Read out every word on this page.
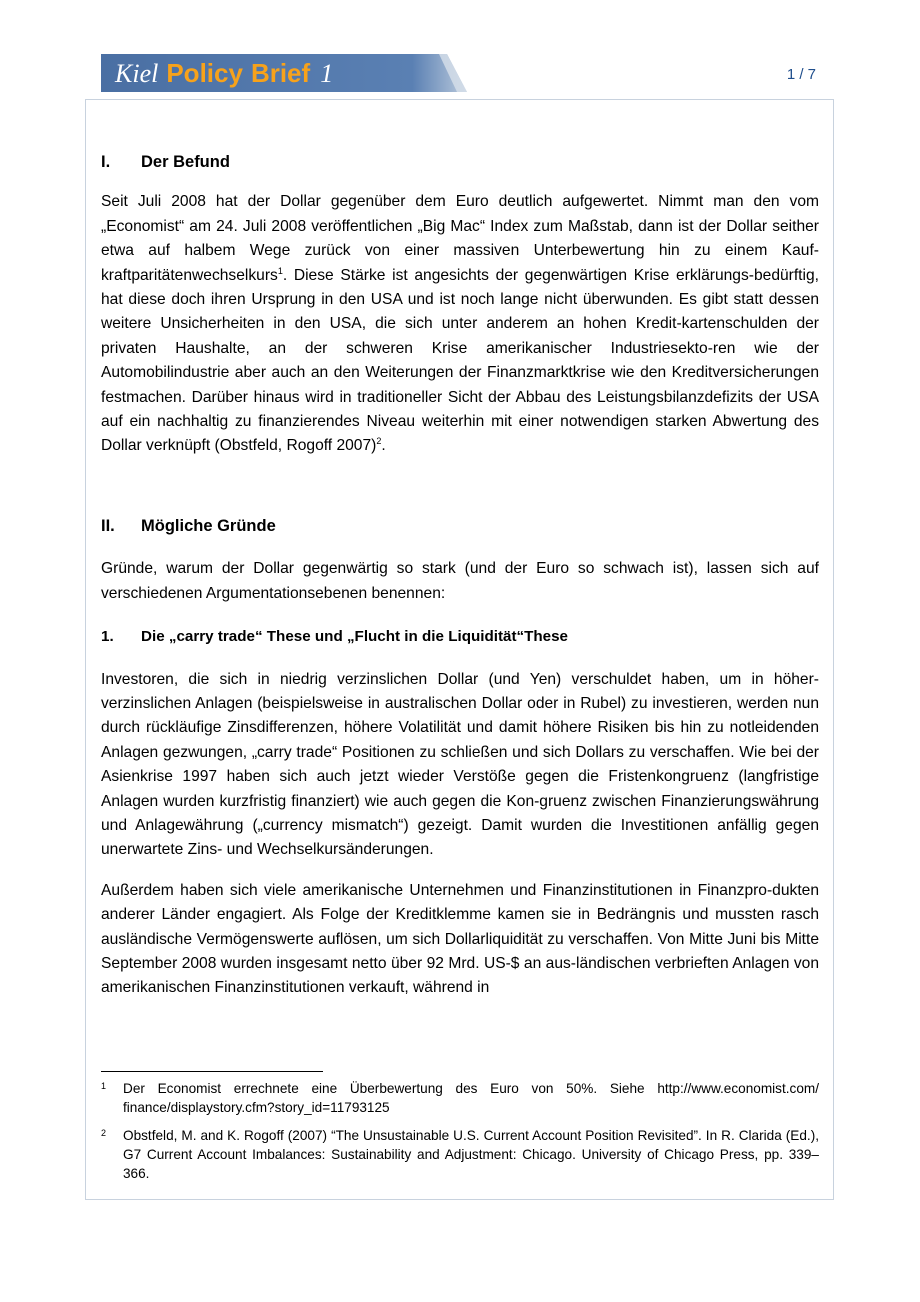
Kiel Policy Brief 1	1 / 7
I.	Der Befund

Seit Juli 2008 hat der Dollar gegenüber dem Euro deutlich aufgewertet. Nimmt man den vom „Economist“ am 24. Juli 2008 veröffentlichen „Big Mac“ Index zum Maßstab, dann ist der Dollar seither etwa auf halbem Wege zurück von einer massiven Unterbewertung hin zu einem Kauf-kraftparitätenwechselkurs$^1$. Diese Stärke ist angesichts der gegenwärtigen Krise erklärungs-bedürftig, hat diese doch ihren Ursprung in den USA und ist noch lange nicht überwunden. Es gibt statt dessen weitere Unsicherheiten in den USA, die sich unter anderem an hohen Kredit-kartenschulden der privaten Haushalte, an der schweren Krise amerikanischer Industriesekto-ren wie der Automobilindustrie aber auch an den Weiterungen der Finanzmarktkrise wie den Kreditversicherungen festmachen. Darüber hinaus wird in traditioneller Sicht der Abbau des Leistungsbilanzdefizits der USA auf ein nachhaltig zu finanzierendes Niveau weiterhin mit einer notwendigen starken Abwertung des Dollar verknüpft (Obstfeld, Rogoff 2007)$^2$.

II.	Mögliche Gründe

Gründe, warum der Dollar gegenwärtig so stark (und der Euro so schwach ist), lassen sich auf verschiedenen Argumentationsebenen benennen:

1.	Die „carry trade“ These und „Flucht in die Liquidität“These

Investoren, die sich in niedrig verzinslichen Dollar (und Yen) verschuldet haben, um in höher-verzinslichen Anlagen (beispielsweise in australischen Dollar oder in Rubel) zu investieren, werden nun durch rückläufige Zinsdifferenzen, höhere Volatilität und damit höhere Risiken bis hin zu notleidenden Anlagen gezwungen, „carry trade“ Positionen zu schließen und sich Dollars zu verschaffen. Wie bei der Asienkrise 1997 haben sich auch jetzt wieder Verstöße gegen die Fristenkongruenz (langfristige Anlagen wurden kurzfristig finanziert) wie auch gegen die Kon-gruenz zwischen Finanzierungswährung und Anlagewährung („currency mismatch“) gezeigt. Damit wurden die Investitionen anfällig gegen unerwartete Zins- und Wechselkursänderungen.

Außerdem haben sich viele amerikanische Unternehmen und Finanzinstitutionen in Finanzpro-dukten anderer Länder engagiert. Als Folge der Kreditklemme kamen sie in Bedrängnis und mussten rasch ausländische Vermögenswerte auflösen, um sich Dollarliquidität zu verschaffen. Von Mitte Juni bis Mitte September 2008 wurden insgesamt netto über 92 Mrd. US-$ an aus-ländischen verbrieften Anlagen von amerikanischen Finanzinstitutionen verkauft, während in

1	Der Economist errechnete eine Überbewertung des Euro von 50%. Siehe http://www.economist.com/ finance/displaystory.cfm?story_id=11793125
2	Obstfeld, M. and K. Rogoff (2007) “The Unsustainable U.S. Current Account Position Revisited”. In R. Clarida (Ed.), G7 Current Account Imbalances: Sustainability and Adjustment: Chicago. University of Chicago Press, pp. 339–366.
